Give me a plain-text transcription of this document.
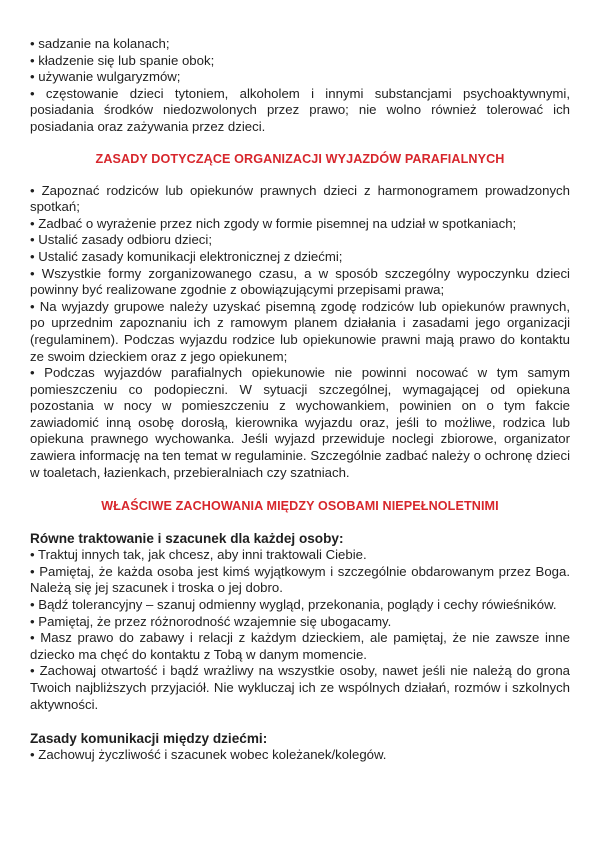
• sadzanie na kolanach;

• kładzenie się lub spanie obok;

• używanie wulgaryzmów;

• częstowanie dzieci tytoniem, alkoholem i innymi substancjami psychoaktywnymi, posiadania środków niedozwolonych przez prawo; nie wolno również tolerować ich posiadania oraz zażywania przez dzieci.

ZASADY DOTYCZĄCE ORGANIZACJI WYJAZDÓW PARAFIALNYCH

• Zapoznać rodziców lub opiekunów prawnych dzieci z harmonogramem prowadzonych spotkań;

• Zadbać o wyrażenie przez nich zgody w formie pisemnej na udział w spotkaniach;

• Ustalić zasady odbioru dzieci;

• Ustalić zasady komunikacji elektronicznej z dziećmi;

• Wszystkie formy zorganizowanego czasu, a w sposób szczególny wypoczynku dzieci powinny być realizowane zgodnie z obowiązującymi przepisami prawa;

• Na wyjazdy grupowe należy uzyskać pisemną zgodę rodziców lub opiekunów prawnych, po uprzednim zapoznaniu ich z ramowym planem działania i zasadami jego organizacji (regulaminem). Podczas wyjazdu rodzice lub opiekunowie prawni mają prawo do kontaktu ze swoim dzieckiem oraz z jego opiekunem;

• Podczas wyjazdów parafialnych opiekunowie nie powinni nocować w tym samym pomieszczeniu co podopieczni. W sytuacji szczególnej, wymagającej od opiekuna pozostania w nocy w pomieszczeniu z wychowankiem, powinien on o tym fakcie zawiadomić inną osobę dorosłą, kierownika wyjazdu oraz, jeśli to możliwe, rodzica lub opiekuna prawnego wychowanka. Jeśli wyjazd przewiduje noclegi zbiorowe, organizator zawiera informację na ten temat w regulaminie. Szczególnie zadbać należy o ochronę dzieci w toaletach, łazienkach, przebieralniach czy szatniach.

WŁAŚCIWE ZACHOWANIA MIĘDZY OSOBAMI NIEPEŁNOLETNIMI

Równe traktowanie i szacunek dla każdej osoby:

• Traktuj innych tak, jak chcesz, aby inni traktowali Ciebie.

• Pamiętaj, że każda osoba jest kimś wyjątkowym i szczególnie obdarowanym przez Boga. Należą się jej szacunek i troska o jej dobro.

• Bądź tolerancyjny – szanuj odmienny wygląd, przekonania, poglądy i cechy rówieśników.

• Pamiętaj, że przez różnorodność wzajemnie się ubogacamy.

• Masz prawo do zabawy i relacji z każdym dzieckiem, ale pamiętaj, że nie zawsze inne dziecko ma chęć do kontaktu z Tobą w danym momencie.

• Zachowaj otwartość i bądź wrażliwy na wszystkie osoby, nawet jeśli nie należą do grona Twoich najbliższych przyjaciół. Nie wykluczaj ich ze wspólnych działań, rozmów i szkolnych aktywności.

Zasady komunikacji między dziećmi:

• Zachowuj życzliwość i szacunek wobec koleżanek/kolegów.
